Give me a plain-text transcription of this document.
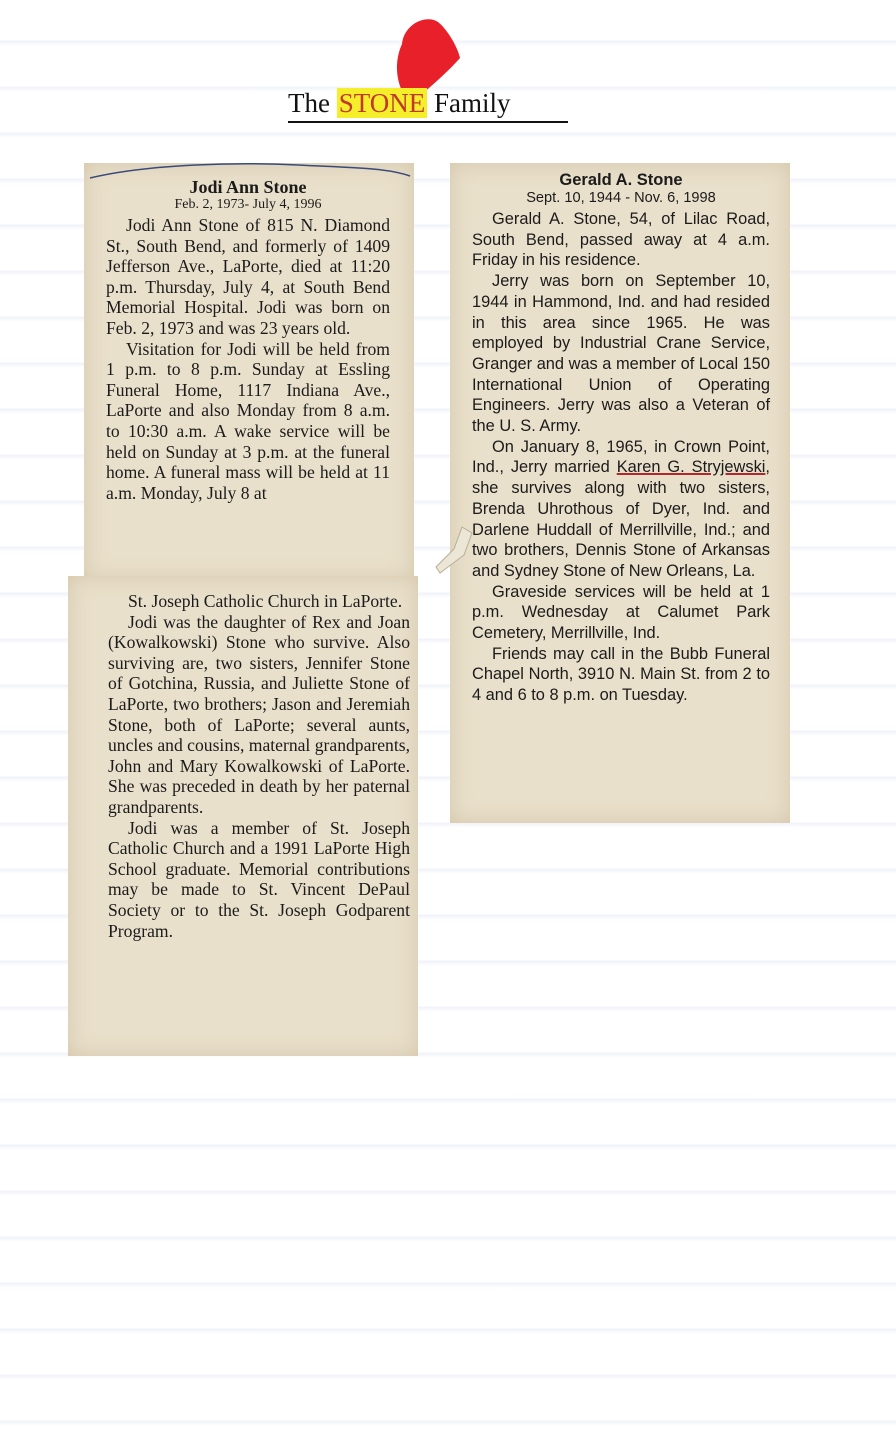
The STONE Family
Jodi Ann Stone
Feb. 2, 1973- July 4, 1996

Jodi Ann Stone of 815 N. Diamond St., South Bend, and formerly of 1409 Jefferson Ave., LaPorte, died at 11:20 p.m. Thursday, July 4, at South Bend Memorial Hospital. Jodi was born on Feb. 2, 1973 and was 23 years old.

Visitation for Jodi will be held from 1 p.m. to 8 p.m. Sunday at Essling Funeral Home, 1117 Indiana Ave., LaPorte and also Monday from 8 a.m. to 10:30 a.m. A wake service will be held on Sunday at 3 p.m. at the funeral home. A funeral mass will be held at 11 a.m. Monday, July 8 at

St. Joseph Catholic Church in LaPorte.

Jodi was the daughter of Rex and Joan (Kowalkowski) Stone who survive. Also surviving are, two sisters, Jennifer Stone of Gotchina, Russia, and Juliette Stone of LaPorte, two brothers; Jason and Jeremiah Stone, both of LaPorte; several aunts, uncles and cousins, maternal grandparents, John and Mary Kowalkowski of LaPorte. She was preceded in death by her paternal grandparents.

Jodi was a member of St. Joseph Catholic Church and a 1991 LaPorte High School graduate. Memorial contributions may be made to St. Vincent DePaul Society or to the St. Joseph Godparent Program.

Gerald A. Stone
Sept. 10, 1944 - Nov. 6, 1998

Gerald A. Stone, 54, of Lilac Road, South Bend, passed away at 4 a.m. Friday in his residence.

Jerry was born on September 10, 1944 in Hammond, Ind. and had resided in this area since 1965. He was employed by Industrial Crane Service, Granger and was a member of Local 150 International Union of Operating Engineers. Jerry was also a Veteran of the U. S. Army.

On January 8, 1965, in Crown Point, Ind., Jerry married Karen G. Stryjewski, she survives along with two sisters, Brenda Uhrothous of Dyer, Ind. and Darlene Huddall of Merrillville, Ind.; and two brothers, Dennis Stone of Arkansas and Sydney Stone of New Orleans, La.

Graveside services will be held at 1 p.m. Wednesday at Calumet Park Cemetery, Merrillville, Ind.

Friends may call in the Bubb Funeral Chapel North, 3910 N. Main St. from 2 to 4 and 6 to 8 p.m. on Tuesday.
